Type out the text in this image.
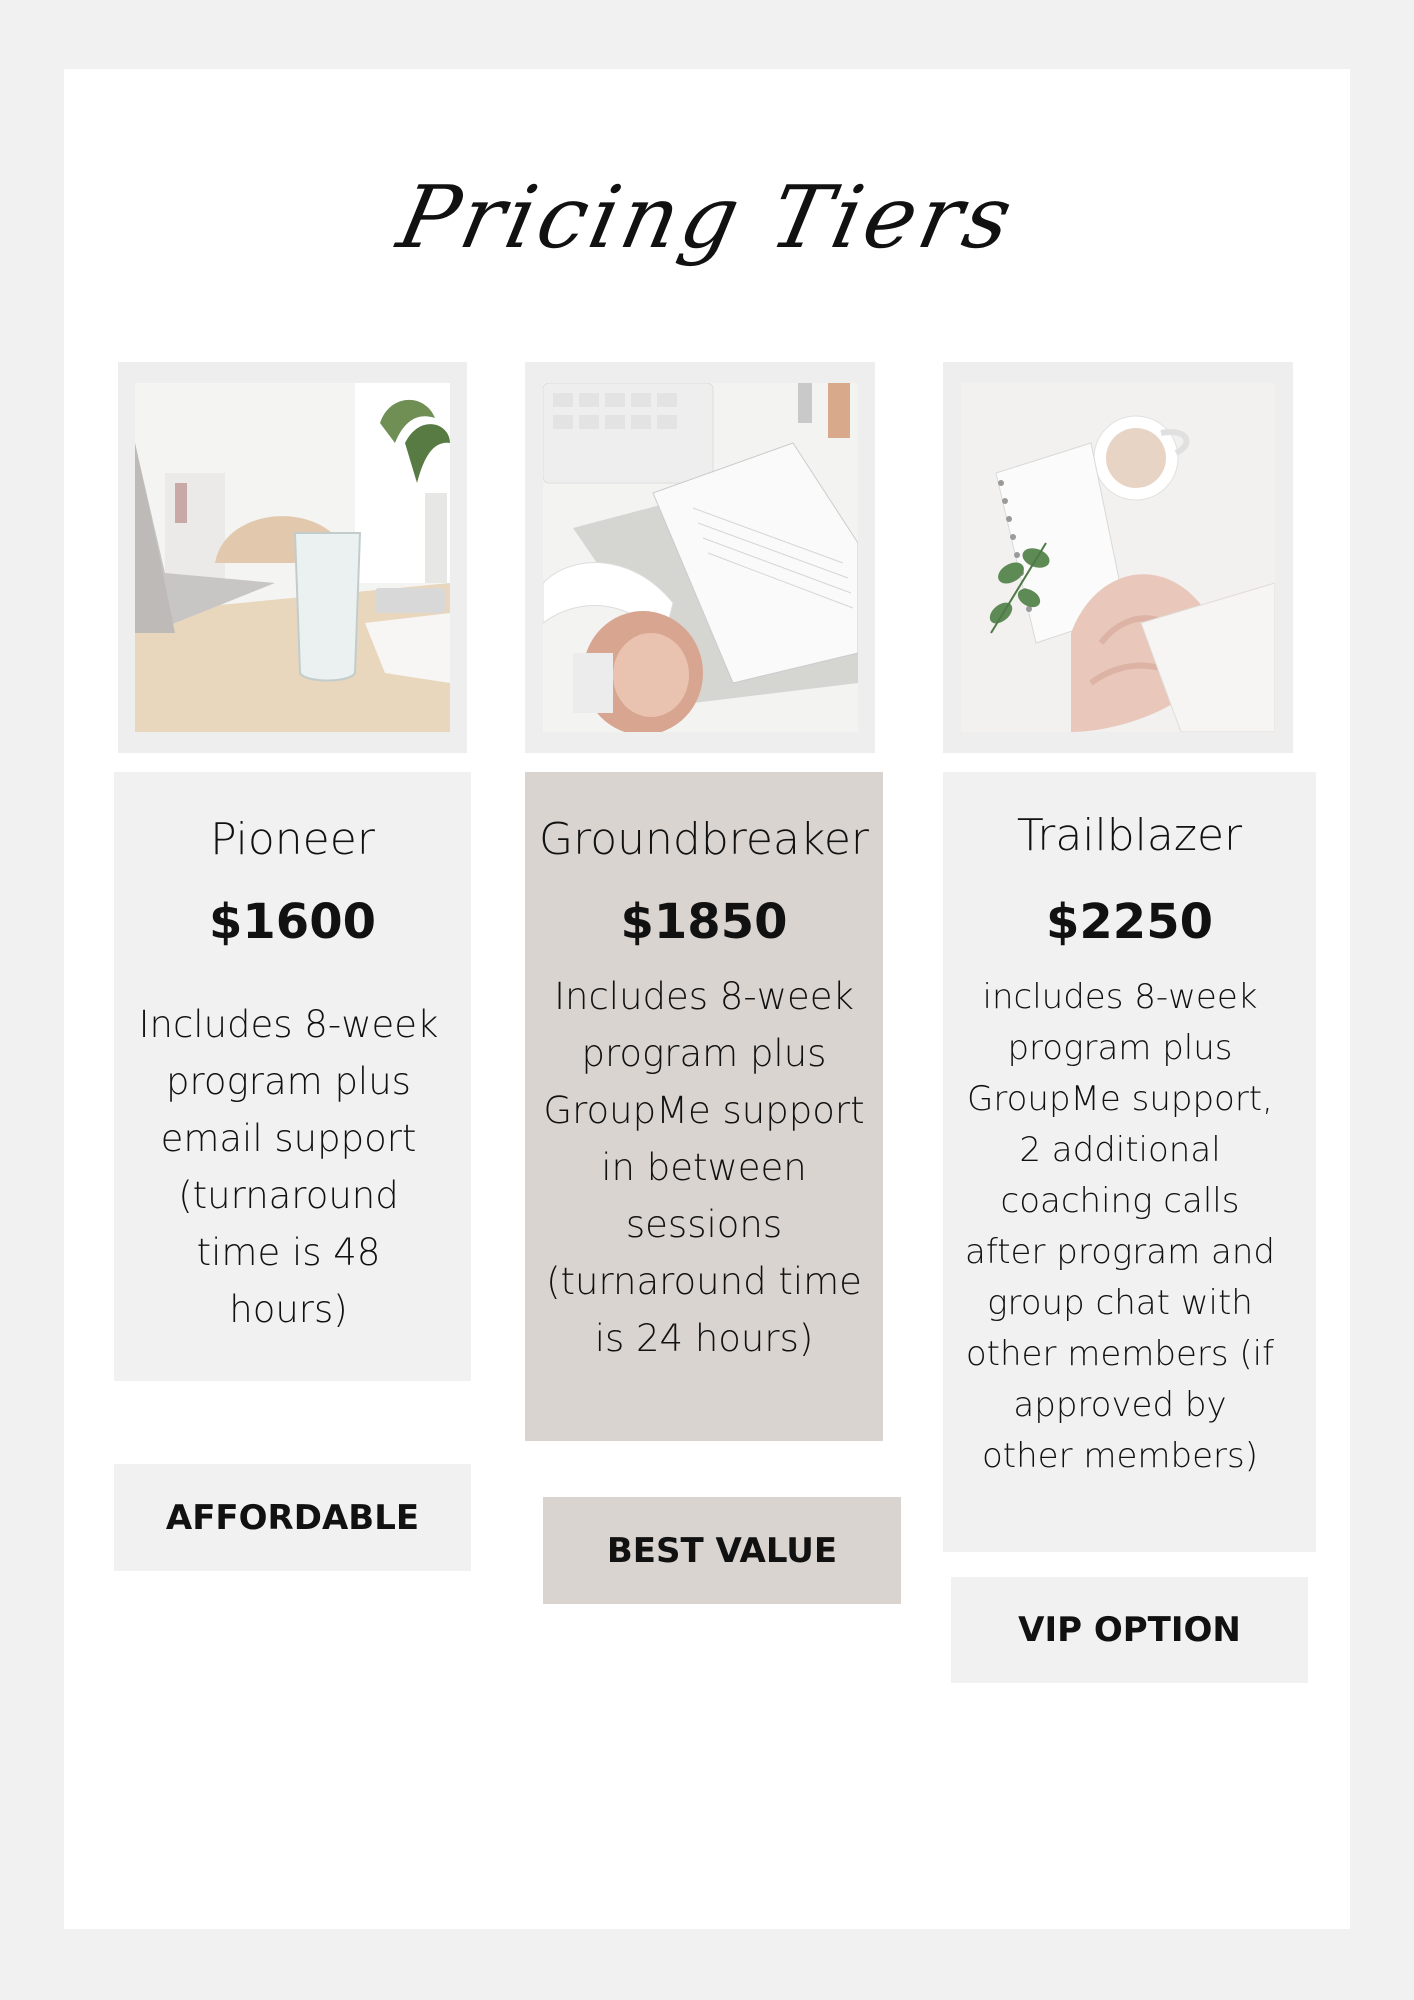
Pricing Tiers
Pioneer
$1600
Includes 8-week program plus email support (turnaround time is 48 hours)
AFFORDABLE
Groundbreaker
$1850
Includes 8-week program plus GroupMe support in between sessions (turnaround time is 24 hours)
BEST VALUE
Trailblazer
$2250
includes 8-week program plus GroupMe support, 2 additional coaching calls after program and group chat with other members (if approved by other members)
VIP OPTION
